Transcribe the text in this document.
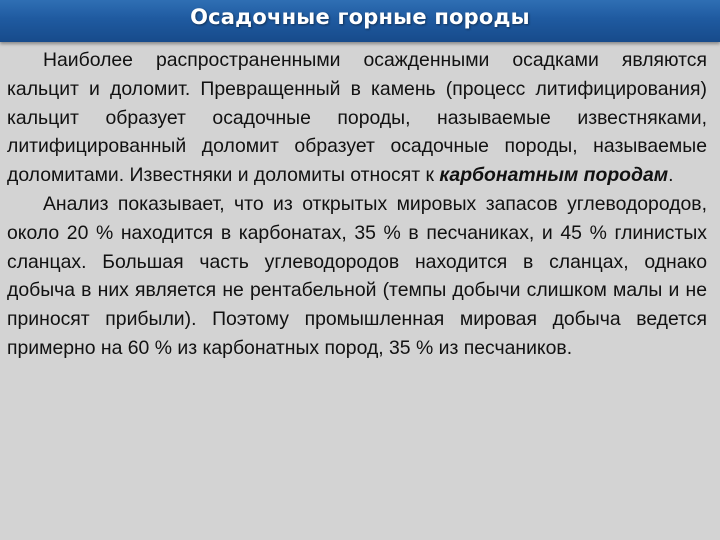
Осадочные горные породы

Наиболее распространенными осажденными осадками являются кальцит и доломит. Превращенный в камень (процесс литифицирования) кальцит образует осадочные породы, называемые известняками, литифицированный доломит образует осадочные породы, называемые доломитами. Известняки и доломиты относят к карбонатным породам.

Анализ показывает, что из открытых мировых запасов углеводородов, около 20 % находится в карбонатах, 35 % в песчаниках, и 45 % глинистых сланцах. Большая часть углеводородов находится в сланцах, однако добыча в них является не рентабельной (темпы добычи слишком малы и не приносят прибыли). Поэтому промышленная мировая добыча ведется примерно на 60 % из карбонатных пород, 35 % из песчаников.
